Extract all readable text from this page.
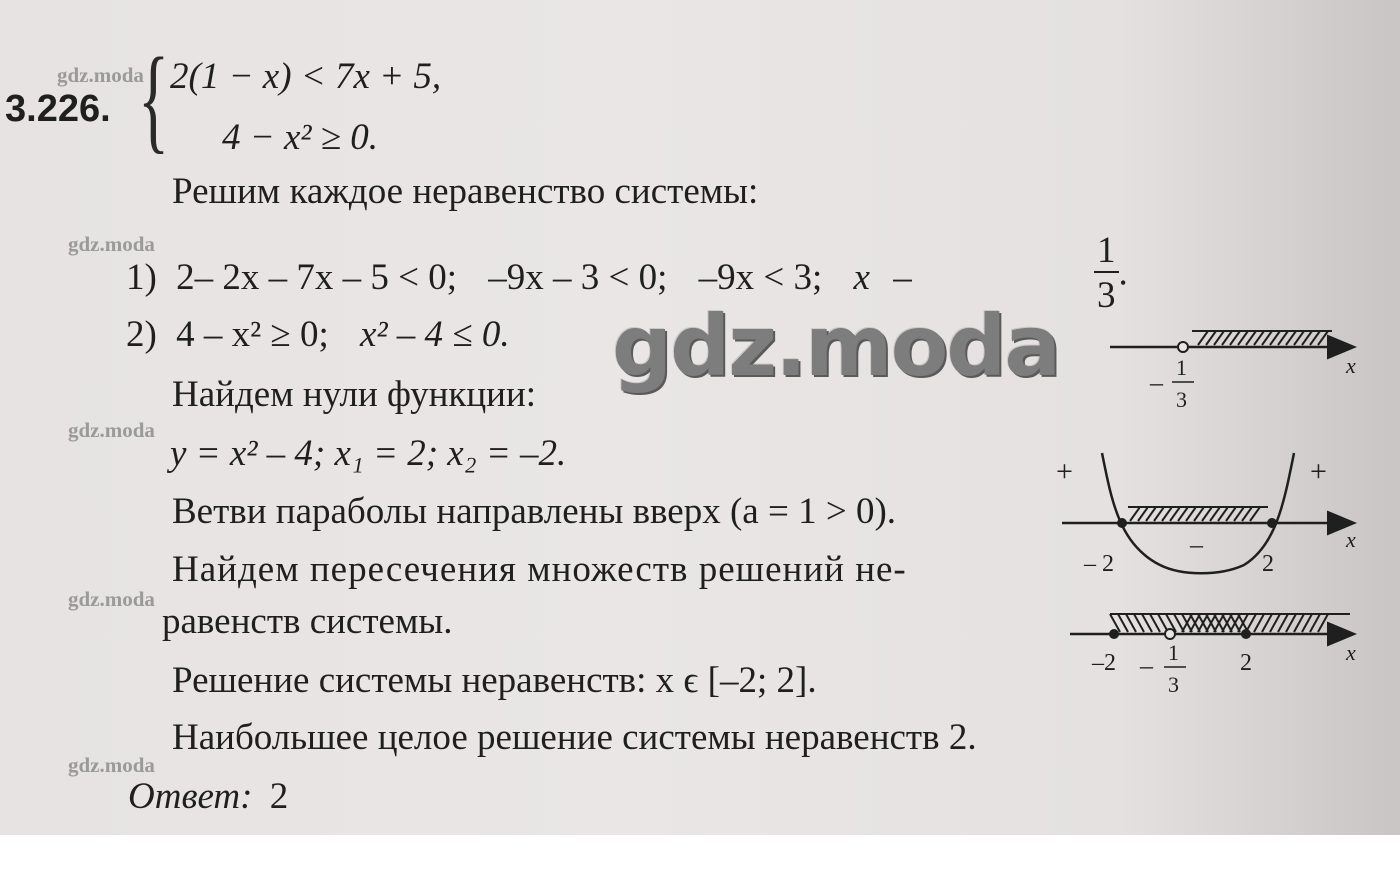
gdz.moda
gdz.moda
gdz.moda
gdz.moda
gdz.moda
3.226. { 2(1 − x) < 7x + 5,
4 − x² ≥ 0.
Решим каждое неравенство системы:
1) 2– 2x – 7x – 5 < 0; –9x – 3 < 0; –9x < 3; x –	$\frac{1}{3}$ .
2) 4 – x² ≥ 0; x² – 4 ≤ 0.
Найдем нули функции:
y = x² – 4; x₁ = 2; x₂ = –2.
Ветви параболы направлены вверх (a = 1 > 0).
Найдем пересечения множеств решений не-
равенств системы.
Решение системы неравенств: x ϵ [–2; 2].
Наибольшее целое решение системы неравенств 2.
Ответ: 2
gdz.moda	x
–
1
3
+	+
–
– 2	2
x
–2 – 1
3
2	x
